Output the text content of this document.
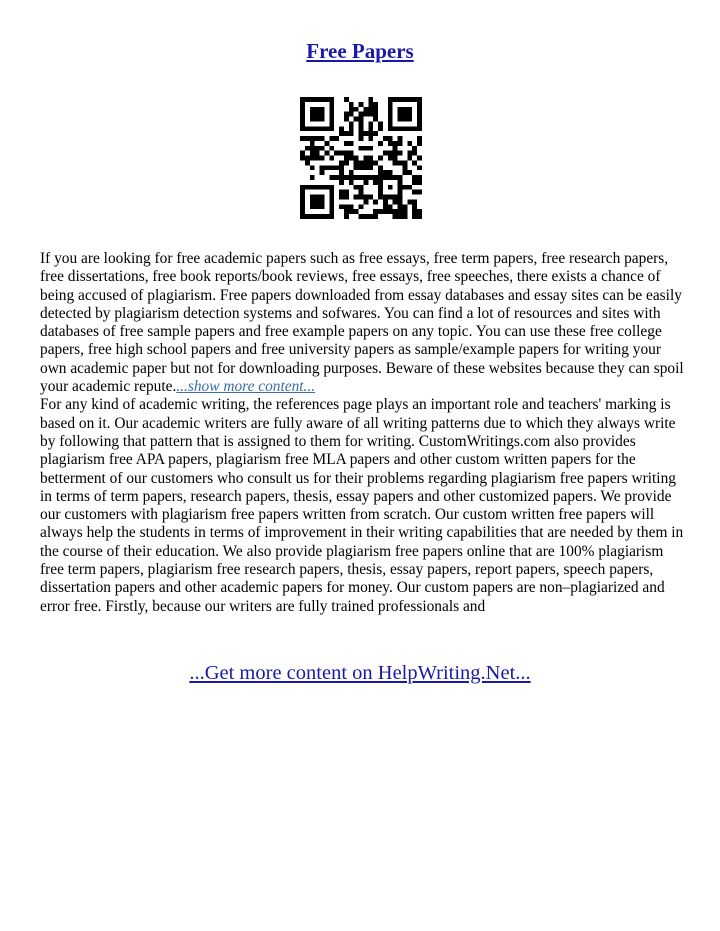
Free Papers

If you are looking for free academic papers such as free essays, free term papers, free research papers, free dissertations, free book reports/book reviews, free essays, free speeches, there exists a chance of being accused of plagiarism. Free papers downloaded from essay databases and essay sites can be easily detected by plagiarism detection systems and sofwares. You can find a lot of resources and sites with databases of free sample papers and free example papers on any topic. You can use these free college papers, free high school papers and free university papers as sample/example papers for writing your own academic paper but not for downloading purposes. Beware of these websites because they can spoil your academic repute....show more content...

For any kind of academic writing, the references page plays an important role and teachers' marking is based on it. Our academic writers are fully aware of all writing patterns due to which they always write by following that pattern that is assigned to them for writing. CustomWritings.com also provides plagiarism free APA papers, plagiarism free MLA papers and other custom written papers for the betterment of our customers who consult us for their problems regarding plagiarism free papers writing in terms of term papers, research papers, thesis, essay papers and other customized papers. We provide our customers with plagiarism free papers written from scratch. Our custom written free papers will always help the students in terms of improvement in their writing capabilities that are needed by them in the course of their education. We also provide plagiarism free papers online that are 100% plagiarism free term papers, plagiarism free research papers, thesis, essay papers, report papers, speech papers, dissertation papers and other academic papers for money. Our custom papers are non–plagiarized and error free. Firstly, because our writers are fully trained professionals and

...Get more content on HelpWriting.Net...
